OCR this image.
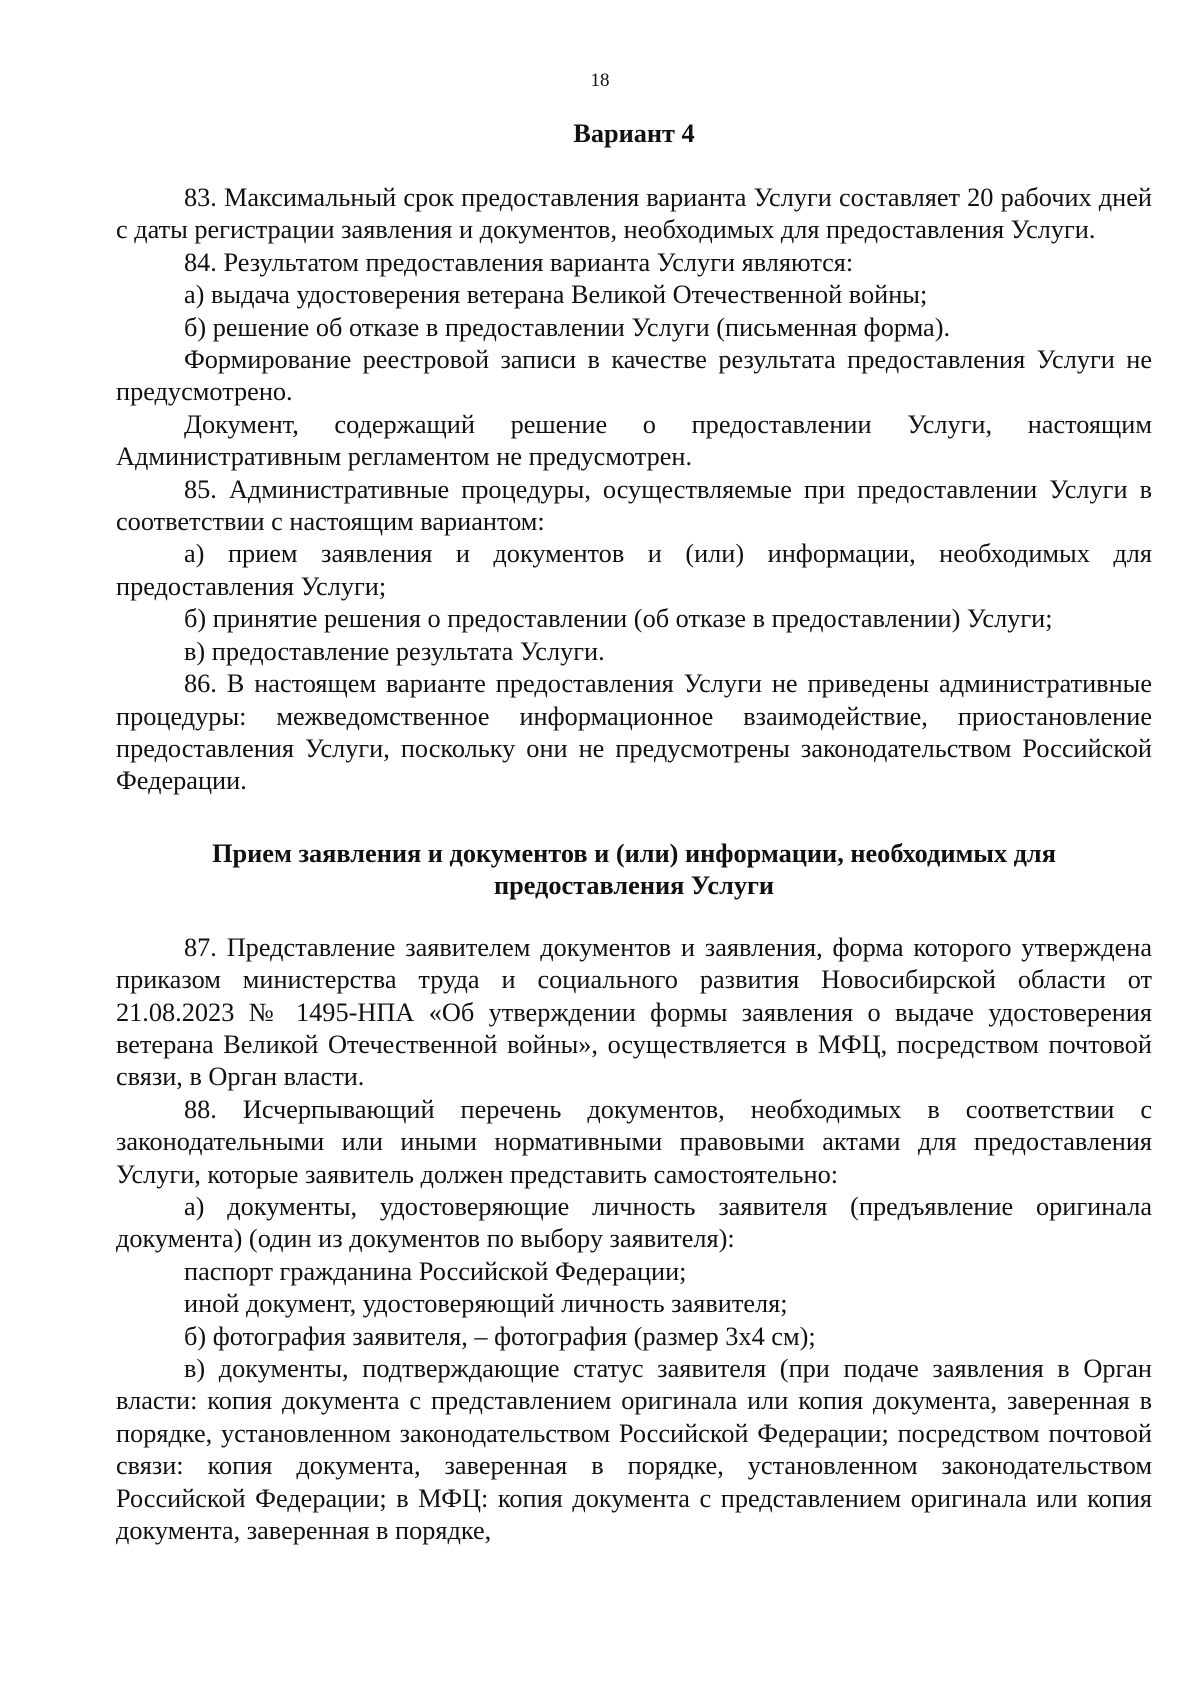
18

Вариант 4

83. Максимальный срок предоставления варианта Услуги составляет 20 рабочих дней с даты регистрации заявления и документов, необходимых для предоставления Услуги.

84. Результатом предоставления варианта Услуги являются:

а) выдача удостоверения ветерана Великой Отечественной войны;

б) решение об отказе в предоставлении Услуги (письменная форма).

Формирование реестровой записи в качестве результата предоставления Услуги не предусмотрено.

Документ, содержащий решение о предоставлении Услуги, настоящим Административным регламентом не предусмотрен.

85. Административные процедуры, осуществляемые при предоставлении Услуги в соответствии с настоящим вариантом:

а) прием заявления и документов и (или) информации, необходимых для предоставления Услуги;

б) принятие решения о предоставлении (об отказе в предоставлении) Услуги;

в) предоставление результата Услуги.

86. В настоящем варианте предоставления Услуги не приведены административные процедуры: межведомственное информационное взаимодействие, приостановление предоставления Услуги, поскольку они не предусмотрены законодательством Российской Федерации.

Прием заявления и документов и (или) информации, необходимых для
предоставления Услуги

87. Представление заявителем документов и заявления, форма которого утверждена приказом министерства труда и социального развития Новосибирской области от 21.08.2023 № 1495-НПА «Об утверждении формы заявления о выдаче удостоверения ветерана Великой Отечественной войны», осуществляется в МФЦ, посредством почтовой связи, в Орган власти.

88. Исчерпывающий перечень документов, необходимых в соответствии с законодательными или иными нормативными правовыми актами для предоставления Услуги, которые заявитель должен представить самостоятельно:

а) документы, удостоверяющие личность заявителя (предъявление оригинала документа) (один из документов по выбору заявителя):

паспорт гражданина Российской Федерации;

иной документ, удостоверяющий личность заявителя;

б) фотография заявителя, – фотография (размер 3х4 см);

в) документы, подтверждающие статус заявителя (при подаче заявления в Орган власти: копия документа с представлением оригинала или копия документа, заверенная в порядке, установленном законодательством Российской Федерации; посредством почтовой связи: копия документа, заверенная в порядке, установленном законодательством Российской Федерации; в МФЦ: копия документа с представлением оригинала или копия документа, заверенная в порядке,
